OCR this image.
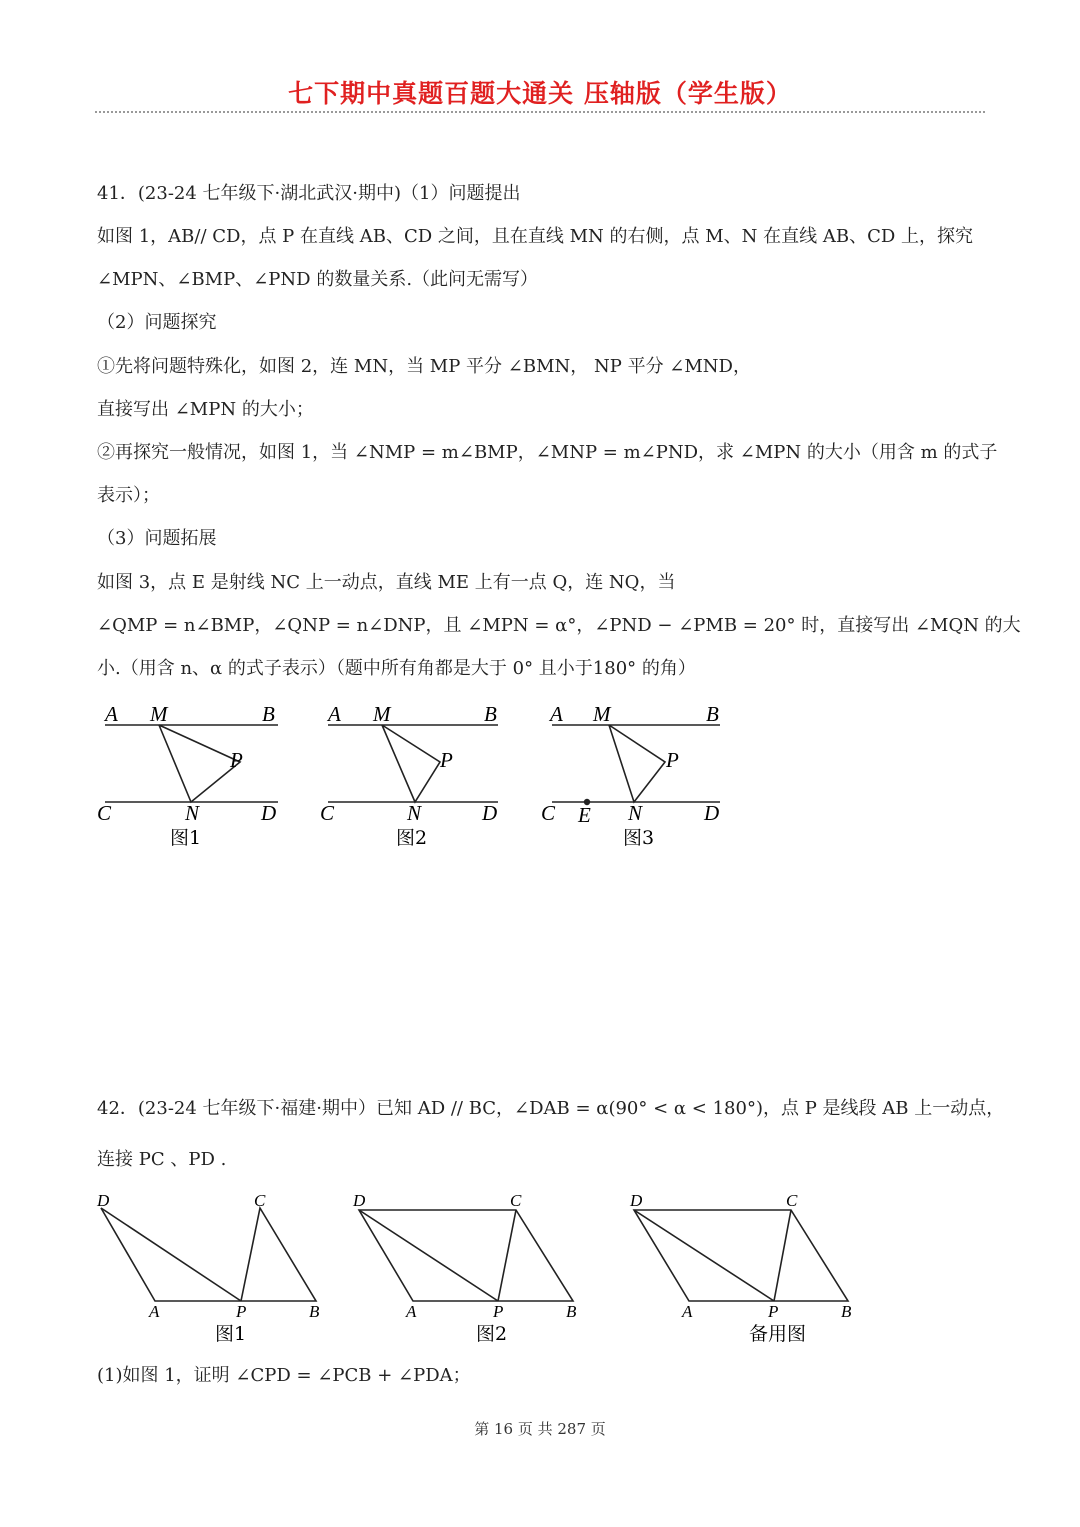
七下期中真题百题大通关 压轴版（学生版）
41．(23-24 七年级下·湖北武汉·期中)（1）问题提出
如图 1，AB// CD，点 P 在直线 AB、CD 之间，且在直线 MN 的右侧，点 M、N 在直线 AB、CD 上，探究
∠MPN、∠BMP、∠PND 的数量关系.（此问无需写）
（2）问题探究
①先将问题特殊化，如图 2，连 MN，当 MP 平分 ∠BMN， NP 平分 ∠MND，
直接写出 ∠MPN 的大小；
②再探究一般情况，如图 1，当 ∠NMP = m∠BMP，∠MNP = m∠PND，求 ∠MPN 的大小（用含 m 的式子
表示）；
（3）问题拓展
如图 3，点 E 是射线 NC 上一动点，直线 ME 上有一点 Q，连 NQ，当
∠QMP = n∠BMP，∠QNP = n∠DNP，且 ∠MPN = α°，∠PND − ∠PMB = 20° 时，直接写出 ∠MQN 的大
小.（用含 n、α 的式子表示）（题中所有角都是大于 0° 且小于180° 的角）
A M	B
P
C	N	D
图1
A M	B
P
C	N	D
图2
A M	B
P
C E N	D
图3
42．(23-24 七年级下·福建·期中）已知 AD // BC，∠DAB = α(90° < α < 180°)，点 P 是线段 AB 上一动点，
连接 PC 、PD .
D	C
A	P	B
图1
D	C
A	P	B
图2
D	C
A	P	B
备用图
(1)如图 1，证明 ∠CPD = ∠PCB + ∠PDA；
第 16 页 共 287 页
